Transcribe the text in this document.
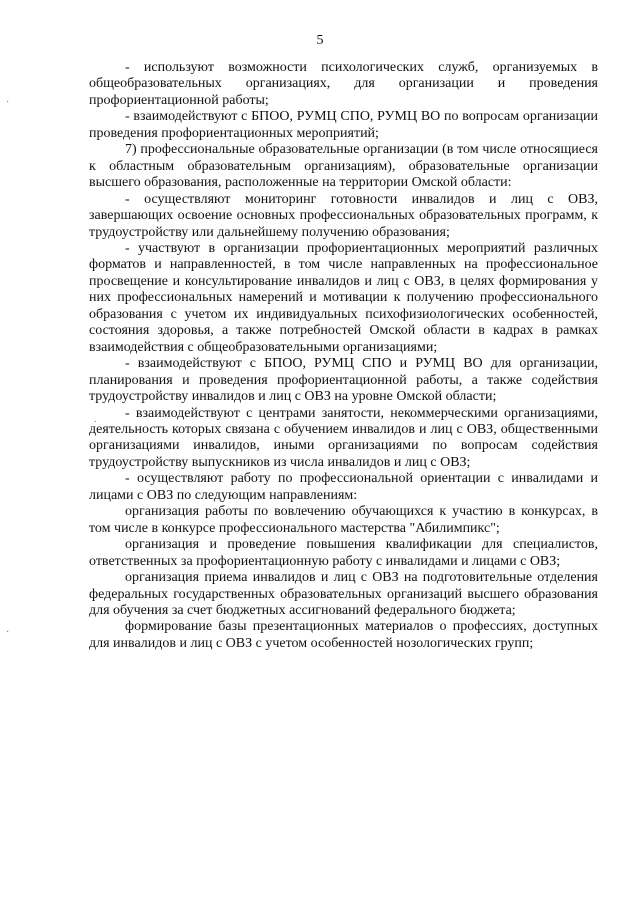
5
·
·
.

- используют возможности психологических служб, организуемых в общеобразовательных организациях, для организации и проведения профориентационной работы;

- взаимодействуют с БПОО, РУМЦ СПО, РУМЦ ВО по вопросам организации проведения профориентационных мероприятий;

7) профессиональные образовательные организации (в том числе относящиеся к областным образовательным организациям), образовательные организации высшего образования, расположенные на территории Омской области:

- осуществляют мониторинг готовности инвалидов и лиц с ОВЗ, завершающих освоение основных профессиональных образовательных программ, к трудоустройству или дальнейшему получению образования;

- участвуют в организации профориентационных мероприятий различных форматов и направленностей, в том числе направленных на профессиональное просвещение и консультирование инвалидов и лиц с ОВЗ, в целях формирования у них профессиональных намерений и мотивации к получению профессионального образования с учетом их индивидуальных психофизиологических особенностей, состояния здоровья, а также потребностей Омской области в кадрах в рамках взаимодействия с общеобразовательными организациями;

- взаимодействуют с БПОО, РУМЦ СПО и РУМЦ ВО для организации, планирования и проведения профориентационной работы, а также содействия трудоустройству инвалидов и лиц с ОВЗ на уровне Омской области;

- взаимодействуют с центрами занятости, некоммерческими организациями, деятельность которых связана с обучением инвалидов и лиц с ОВЗ, общественными организациями инвалидов, иными организациями по вопросам содействия трудоустройству выпускников из числа инвалидов и лиц с ОВЗ;

- осуществляют работу по профессиональной ориентации с инвалидами и лицами с ОВЗ по следующим направлениям:

организация работы по вовлечению обучающихся к участию в конкурсах, в том числе в конкурсе профессионального мастерства "Абилимпикс";

организация и проведение повышения квалификации для специалистов, ответственных за профориентационную работу с инвалидами и лицами с ОВЗ;

организация приема инвалидов и лиц с ОВЗ на подготовительные отделения федеральных государственных образовательных организаций высшего образования для обучения за счет бюджетных ассигнований федерального бюджета;

формирование базы презентационных материалов о профессиях, доступных для инвалидов и лиц с ОВЗ с учетом особенностей нозологических групп;
